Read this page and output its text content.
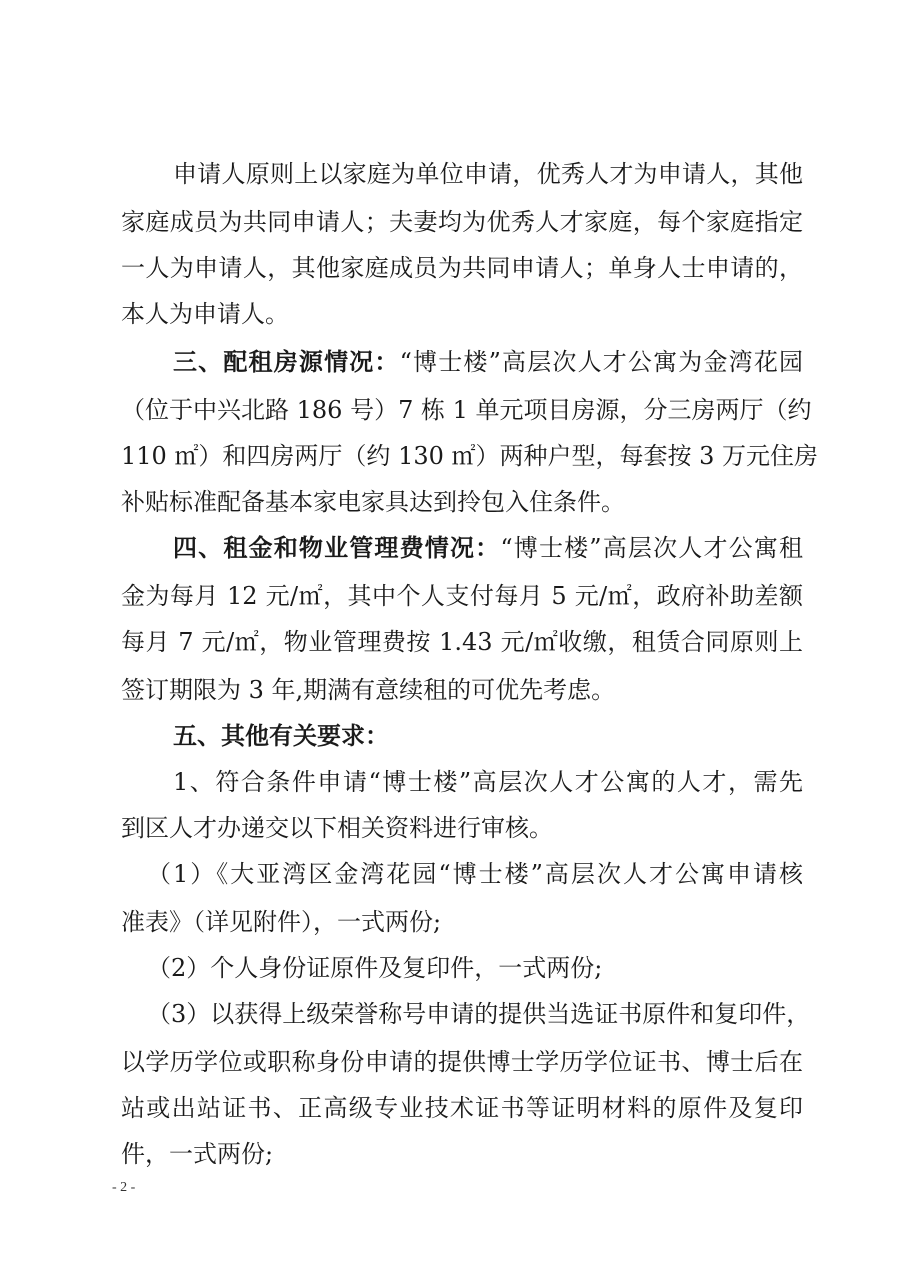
申请人原则上以家庭为单位申请，优秀人才为申请人，其他
家庭成员为共同申请人；夫妻均为优秀人才家庭，每个家庭指定
一人为申请人，其他家庭成员为共同申请人；单身人士申请的，
本人为申请人。
三、配租房源情况：“博士楼”高层次人才公寓为金湾花园
（位于中兴北路 186 号）7 栋 1 单元项目房源，分三房两厅（约
110 ㎡）和四房两厅（约 130 ㎡）两种户型，每套按 3 万元住房
补贴标准配备基本家电家具达到拎包入住条件。
四、租金和物业管理费情况：“博士楼”高层次人才公寓租
金为每月 12 元/㎡，其中个人支付每月 5 元/㎡，政府补助差额
每月 7 元/㎡，物业管理费按 1.43 元/㎡收缴，租赁合同原则上
签订期限为 3 年,期满有意续租的可优先考虑。
五、其他有关要求：
1、符合条件申请“博士楼”高层次人才公寓的人才，需先
到区人才办递交以下相关资料进行审核。
（1）《大亚湾区金湾花园“博士楼”高层次人才公寓申请核
准表》（详见附件），一式两份;
（2）个人身份证原件及复印件，一式两份;
（3）以获得上级荣誉称号申请的提供当选证书原件和复印件，
以学历学位或职称身份申请的提供博士学历学位证书、博士后在
站或出站证书、正高级专业技术证书等证明材料的原件及复印
件，一式两份;
- 2 -
